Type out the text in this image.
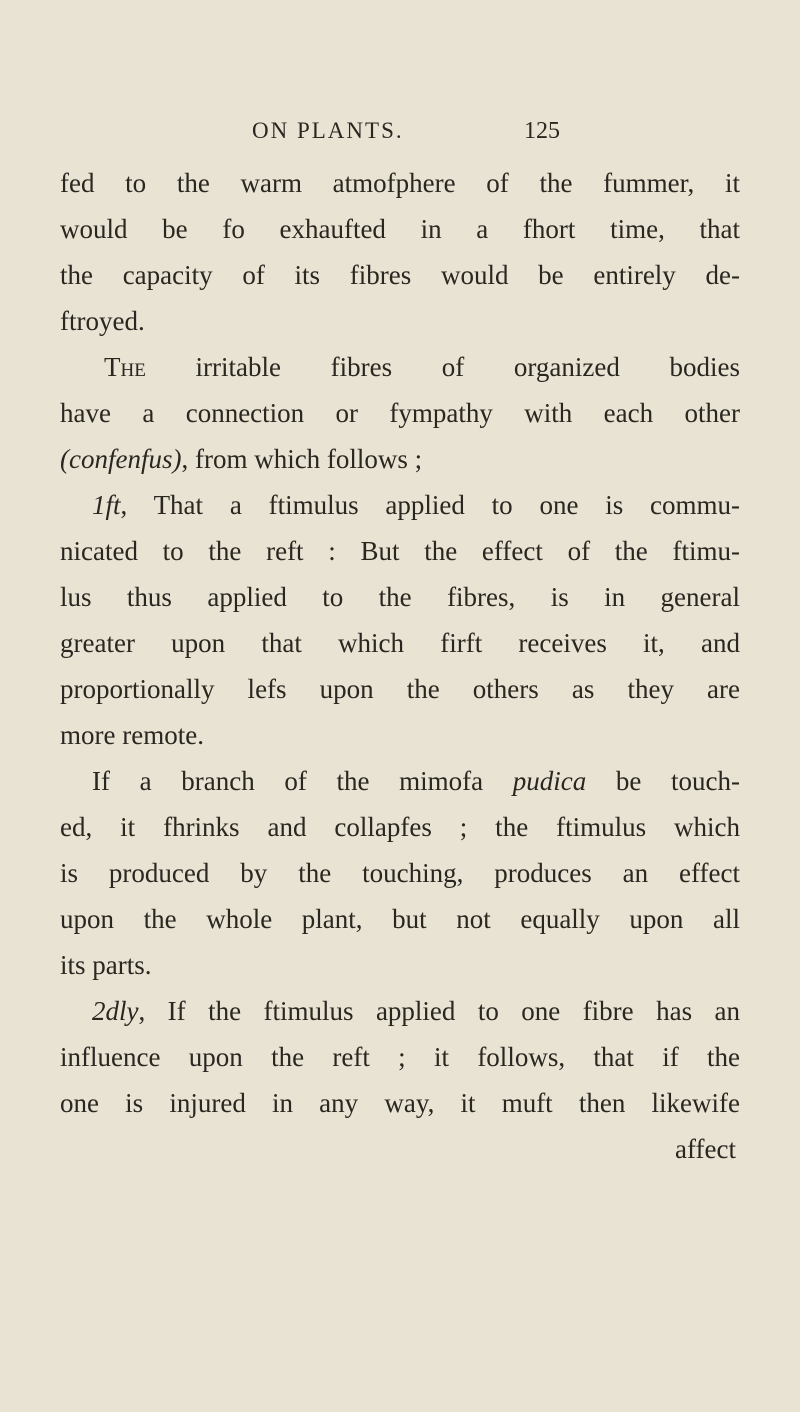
ON PLANTS.	125
fed to the warm atmofphere of the fummer, it
would be fo exhaufted in a fhort time, that
the capacity of its fibres would be entirely de-
ftroyed.
The irritable fibres of organized bodies
have a connection or fympathy with each other
(confenfus), from which follows ;
1ft, That a ftimulus applied to one is commu-
nicated to the reft : But the effect of the ftimu-
lus thus applied to the fibres, is in general
greater upon that which firft receives it, and
proportionally lefs upon the others as they are
more remote.
If a branch of the mimofa pudica be touch-
ed, it fhrinks and collapfes ; the ftimulus which
is produced by the touching, produces an effect
upon the whole plant, but not equally upon all
its parts.
2dly, If the ftimulus applied to one fibre has an
influence upon the reft ; it follows, that if the
one is injured in any way, it muft then likewife
affect
